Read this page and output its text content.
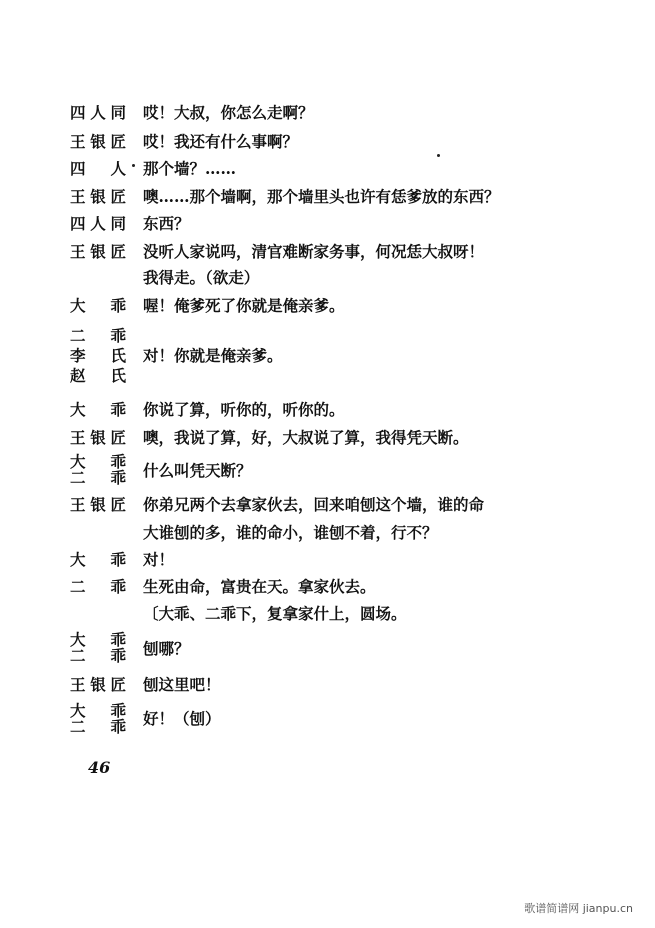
四人同 哎！大叔，你怎么走啊？
王银匠 哎！我还有什么事啊？
四　人 那个墙？……
王银匠 噢……那个墙啊，那个墙里头也许有恁爹放的东西？
四人同 东西？
王银匠 没听人家说吗，清官难断家务事，何况恁大叔呀！
我得走。（欲走）
大　乖 喔！俺爹死了你就是俺亲爹。
二　乖
李　氏
赵　氏
对！你就是俺亲爹。
大　乖 你说了算，听你的，听你的。
王银匠 噢，我说了算，好，大叔说了算，我得凭天断。
大　乖
二　乖 什么叫凭天断？
王银匠 你弟兄两个去拿家伙去，回来咱刨这个墙，谁的命
大谁刨的多，谁的命小，谁刨不着，行不？
大　乖 对！
二　乖 生死由命，富贵在天。拿家伙去。
〔大乖、二乖下，复拿家什上，圆场。
大　乖
二　乖 刨哪？
王银匠 刨这里吧！
大　乖
二　乖 好！（刨）
46
歌谱简谱网 jianpu.cn
